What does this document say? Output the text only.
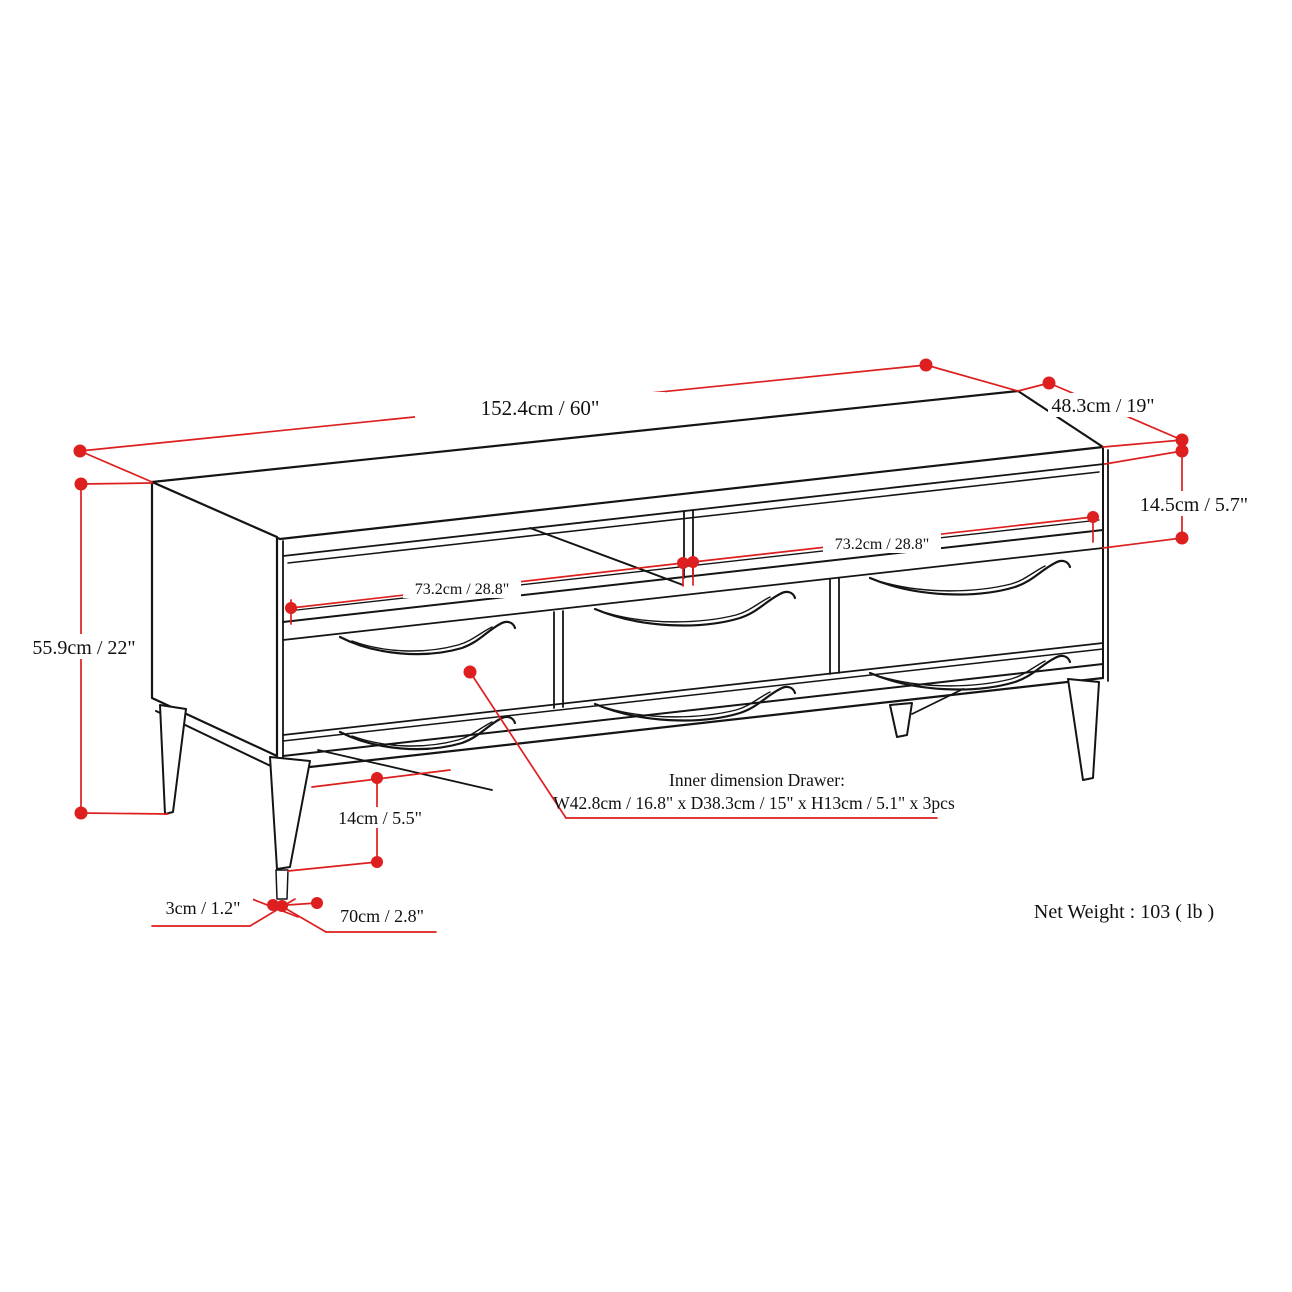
152.4cm / 60"	48.3cm / 19"
14.5cm / 5.7"
55.9cm / 22"
73.2cm / 28.8"
73.2cm / 28.8"
14cm / 5.5"
3cm / 1.2"	70cm / 2.8"
Inner dimension Drawer:
W42.8cm / 16.8" x D38.3cm / 15" x H13cm / 5.1" x 3pcs
Net Weight : 103 ( lb )
